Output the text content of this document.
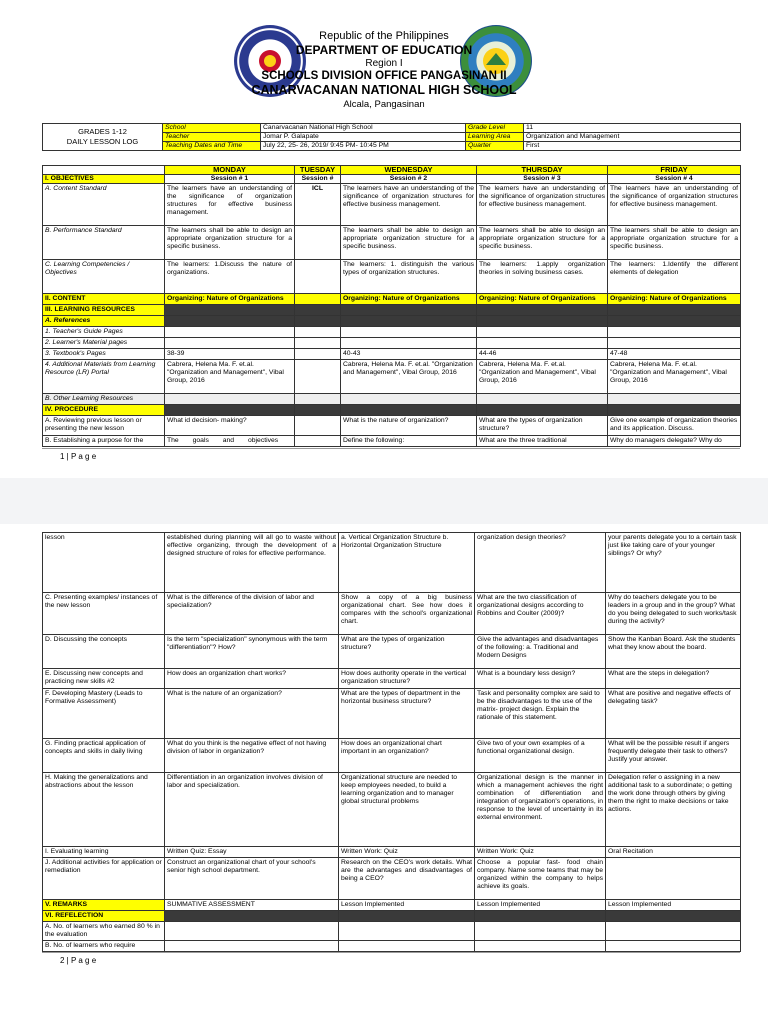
Republic of the Philippines
DEPARTMENT OF EDUCATION
Region I
SCHOOLS DIVISION OFFICE PANGASINAN II
CANARVACANAN NATIONAL HIGH SCHOOL
Alcala, Pangasinan
GRADES 1-12
DAILY LESSON LOG	School	Canarvacanan National High School	Grade Level	11
	Teacher	Jomar P. Galapate	Learning Area	Organization and Management
	Teaching Dates and Time	July 22, 25- 26, 2019/ 9:45 PM- 10:45 PM	Quarter	First
	MONDAY	TUESDAY	WEDNESDAY	THURSDAY	FRIDAY
I. OBJECTIVES	Session # 1	Session #	Session # 2	Session # 3	Session # 4
A. Content Standard	The learners have an understanding of the significance of organization structures for effective business management.	ICL	The learners have an understanding of the significance of organization structures for effective business management.	The learners have an understanding of the significance of organization structures for effective business management.	The learners have an understanding of the significance of organization structures for effective business management.
B. Performance Standard	The learners shall be able to design an appropriate organization structure for a specific business.		The learners shall be able to design an appropriate organization structure for a specific business.	The learners shall be able to design an appropriate organization structure for a specific business.	The learners shall be able to design an appropriate organization structure for a specific business.
C. Learning Competencies / Objectives	The learners: 1.Discuss the nature of organizations.		The learners: 1. distinguish the various types of organization structures.	The learners: 1.apply organization theories in solving business cases.	The learners: 1.Identify the different elements of delegation
II. CONTENT	Organizing: Nature of Organizations		Organizing: Nature of Organizations	Organizing: Nature of Organizations	Organizing: Nature of Organizations
III. LEARNING RESOURCES					
A. References					
1. Teacher's Guide Pages					
2. Learner's Material pages					
3. Textbook's Pages	38-39		40-43	44-46	47-48
4. Additional Materials from Learning Resource (LR) Portal	Cabrera, Helena Ma. F. et.al. "Organization and Management", Vibal Group, 2016		Cabrera, Helena Ma. F. et.al. "Organization and Management", Vibal Group, 2016	Cabrera, Helena Ma. F. et.al. "Organization and Management", Vibal Group, 2016	Cabrera, Helena Ma. F. et.al. "Organization and Management", Vibal Group, 2016
B. Other Learning Resources					
IV. PROCEDURE					
A. Reviewing previous lesson or presenting the new lesson	What id decision- making?		What is the nature of organization?	What are the types of organization structure?	Give one example of organization theories and its application. Discuss.
B. Establishing a purpose for the	The goals and objectives		Define the following:	What are the three traditional	Why do managers delegate? Why do
1 | P a g e
lesson	established during planning will all go to waste without effective organizing, through the development of a designed structure of roles for effective performance.	a. Vertical Organization Structure b. Horizontal Organization Structure	organization design theories?	your parents delegate you to a certain task just like taking care of your younger siblings? Or why?
C. Presenting examples/ instances of the new lesson	What is the difference of the division of labor and specialization?	Show a copy of a big business organizational chart. See how does it compares with the school's organizational chart.	What are the two classification of organizational designs according to Robbins and Coulter (2009)?	Why do teachers delegate you to be leaders in a group and in the group? What do you being delegated to such works/task during the activity?
D. Discussing the concepts	Is the term "specialization" synonymous with the term "differentiation"? How?	What are the types of organization structure?	Give the advantages and disadvantages of the following: a. Traditional and Modern Designs	Show the Kanban Board. Ask the students what they know about the board.
E. Discussing new concepts and practicing new skills #2	How does an organization chart works?	How does authority operate in the vertical organization structure?	What is a boundary less design?	What are the steps in delegation?
F. Developing Mastery (Leads to Formative Assessment)	What is the nature of an organization?	What are the types of department in the horizontal business structure?	Task and personality complex are said to be the disadvantages to the use of the matrix- project design. Explain the rationale of this statement.	What are positive and negative effects of delegating task?
G. Finding practical application of concepts and skills in daily living	What do you think is the negative effect of not having division of labor in organization?	How does an organizational chart important in an organization?	Give two of your own examples of a functional organizational design.	What will be the possible result if angers frequently delegate their task to others? Justify your answer.
H. Making the generalizations and abstractions about the lesson	Differentiation in an organization involves division of labor and specialization.	Organizational structure are needed to keep employees needed, to build a learning organization and to manager global structural problems	Organizational design is the manner in which a management achieves the right combination of differentiation and integration of organization's operations, in response to the level of uncertainty in its external environment.	Delegation refer o assigning in a new additional task to a subordinate; o getting the work done through others by giving them the right to make decisions or take actions.
I. Evaluating learning	Written Quiz: Essay	Written Work: Quiz	Written Work: Quiz	Oral Recitation
J. Additional activities for application or remediation	Construct an organizational chart of your school's senior high school department.	Research on the CEO's work details. What are the advantages and disadvantages of being a CEO?	Choose a popular fast- food chain company. Name some teams that may be organized within the company to helps achieve its goals.	
V. REMARKS	SUMMATIVE ASSESSMENT	Lesson Implemented	Lesson Implemented	Lesson Implemented
VI. REFELECTION				
A. No. of learners who earned 80 % in the evaluation				
B. No. of learners who require				
2 | P a g e
